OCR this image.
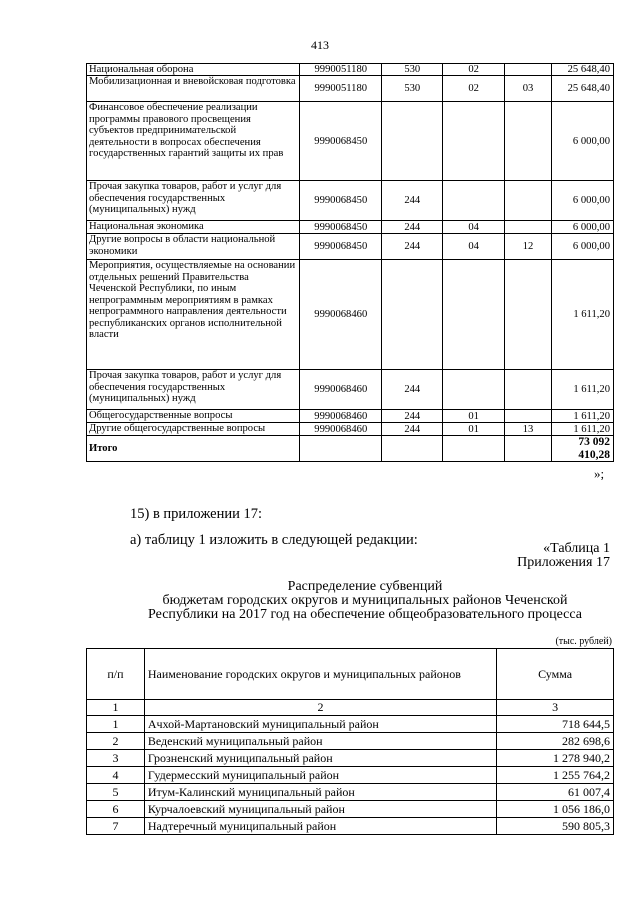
413
Национальная оборона	9990051180	530	02		25 648,40
Мобилизационная и вневойсковая подготовка	9990051180	530	02	03	25 648,40
Финансовое обеспечение реализации программы правового просвещения субъектов предпринимательской деятельности в вопросах обеспечения государственных гарантий защиты их прав	9990068450				6 000,00
Прочая закупка товаров, работ и услуг для обеспечения государственных (муниципальных) нужд	9990068450	244			6 000,00
Национальная экономика	9990068450	244	04		6 000,00
Другие вопросы в области национальной экономики	9990068450	244	04	12	6 000,00
Мероприятия, осуществляемые на основании отдельных решений Правительства Чеченской Республики, по иным непрограммным мероприятиям в рамках непрограммного направления деятельности республиканских органов исполнительной власти	9990068460				1 611,20
Прочая закупка товаров, работ и услуг для обеспечения государственных (муниципальных) нужд	9990068460	244			1 611,20
Общегосударственные вопросы	9990068460	244	01		1 611,20
Другие общегосударственные вопросы	9990068460	244	01	13	1 611,20
Итого					73 092 410,28
»;
15) в приложении 17:
а) таблицу 1 изложить в следующей редакции:
«Таблица 1
Приложения 17
Распределение субвенций
бюджетам городских округов и муниципальных районов Чеченской
Республики на 2017 год на обеспечение общеобразовательного процесса
(тыс. рублей)
п/п	Наименование городских округов и муниципальных районов	Сумма
1	2	3
1	Ачхой-Мартановский муниципальный район	718 644,5
2	Веденский муниципальный район	282 698,6
3	Грозненский муниципальный район	1 278 940,2
4	Гудермесский муниципальный район	1 255 764,2
5	Итум-Калинский муниципальный район	61 007,4
6	Курчалоевский муниципальный район	1 056 186,0
7	Надтеречный муниципальный район	590 805,3
